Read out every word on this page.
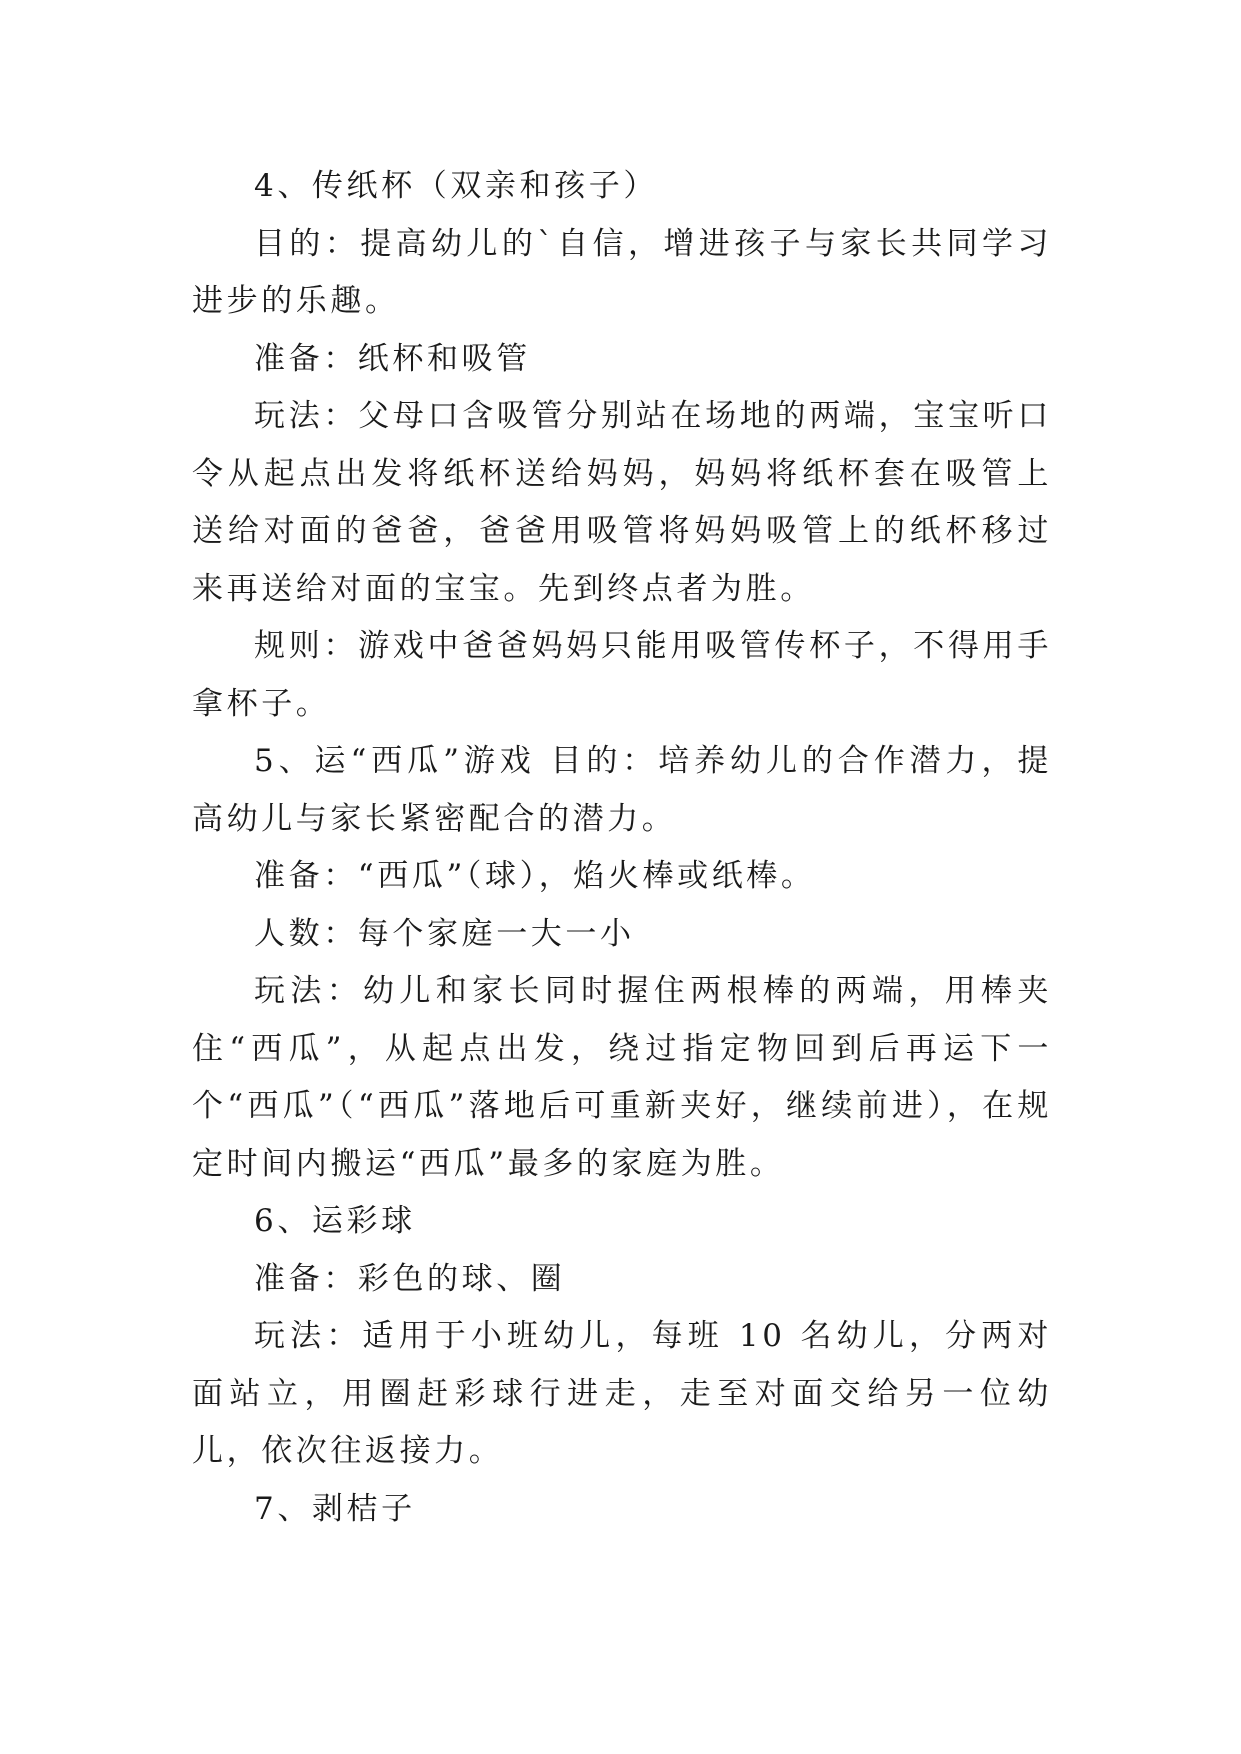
4、传纸杯（双亲和孩子）

目的：提高幼儿的`自信，增进孩子与家长共同学习进步的乐趣。

准备：纸杯和吸管

玩法：父母口含吸管分别站在场地的两端，宝宝听口令从起点出发将纸杯送给妈妈，妈妈将纸杯套在吸管上送给对面的爸爸，爸爸用吸管将妈妈吸管上的纸杯移过来再送给对面的宝宝。先到终点者为胜。

规则：游戏中爸爸妈妈只能用吸管传杯子，不得用手拿杯子。

5、运“西瓜”游戏 目的：培养幼儿的合作潜力，提高幼儿与家长紧密配合的潜力。

准备：“西瓜”（球），焰火棒或纸棒。

人数：每个家庭一大一小

玩法：幼儿和家长同时握住两根棒的两端，用棒夹住“西瓜”，从起点出发，绕过指定物回到后再运下一个“西瓜”（“西瓜”落地后可重新夹好，继续前进），在规定时间内搬运“西瓜”最多的家庭为胜。

6、运彩球

准备：彩色的球、圈

玩法：适用于小班幼儿，每班 10 名幼儿，分两对面站立，用圈赶彩球行进走，走至对面交给另一位幼儿，依次往返接力。

7、剥桔子
